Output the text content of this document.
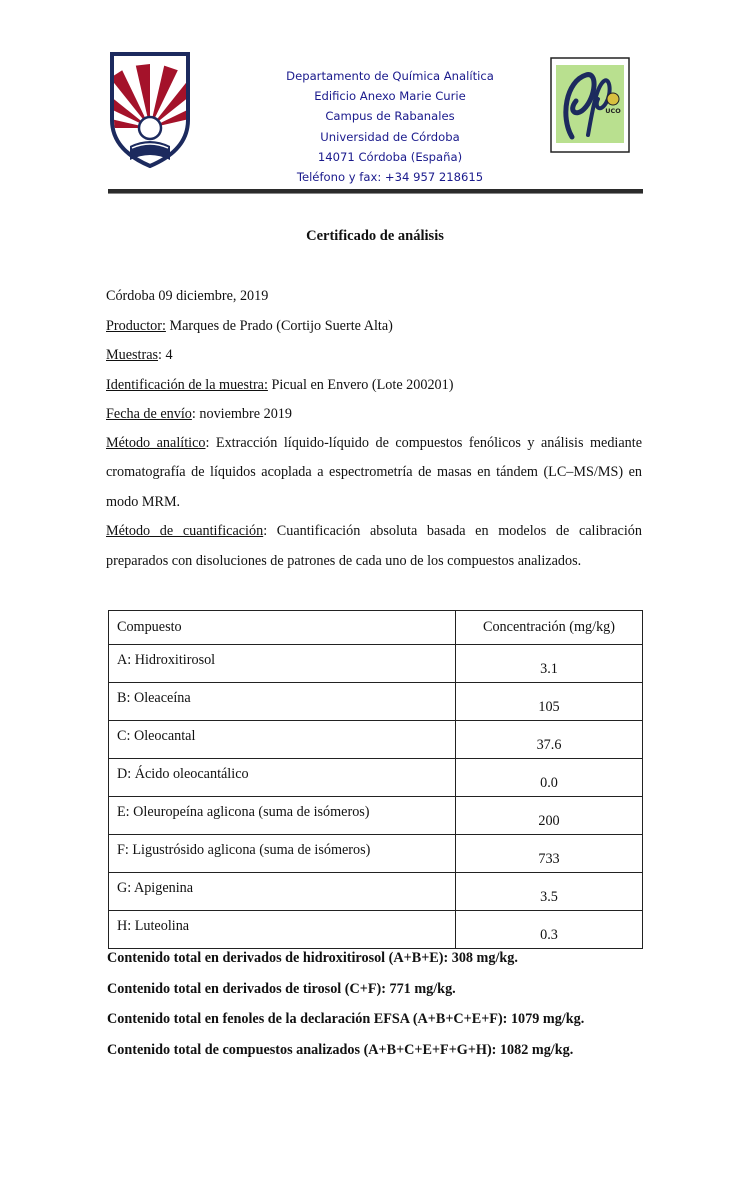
Departamento de Química Analítica
Edificio Anexo Marie Curie
Campus de Rabanales
Universidad de Córdoba
14071 Córdoba (España)
Teléfono y fax: +34 957 218615
UCO
Certificado de análisis
Córdoba 09 diciembre, 2019
Productor: Marques de Prado (Cortijo Suerte Alta)
Muestras: 4
Identificación de la muestra: Picual en Envero (Lote 200201)
Fecha de envío: noviembre 2019
Método analítico: Extracción líquido-líquido de compuestos fenólicos y análisis mediante cromatografía de líquidos acoplada a espectrometría de masas en tándem (LC–MS/MS) en modo MRM.
Método de cuantificación: Cuantificación absoluta basada en modelos de calibración preparados con disoluciones de patrones de cada uno de los compuestos analizados.
Compuesto	Concentración (mg/kg)
A: Hidroxitirosol	3.1
B: Oleaceína	105
C: Oleocantal	37.6
D: Ácido oleocantálico	0.0
E: Oleuropeína aglicona (suma de isómeros)	200
F: Ligustrósido aglicona (suma de isómeros)	733
G: Apigenina	3.5
H: Luteolina	0.3
Contenido total en derivados de hidroxitirosol (A+B+E): 308 mg/kg.
Contenido total en derivados de tirosol (C+F): 771 mg/kg.
Contenido total en fenoles de la declaración EFSA (A+B+C+E+F): 1079 mg/kg.
Contenido total de compuestos analizados (A+B+C+E+F+G+H): 1082 mg/kg.
